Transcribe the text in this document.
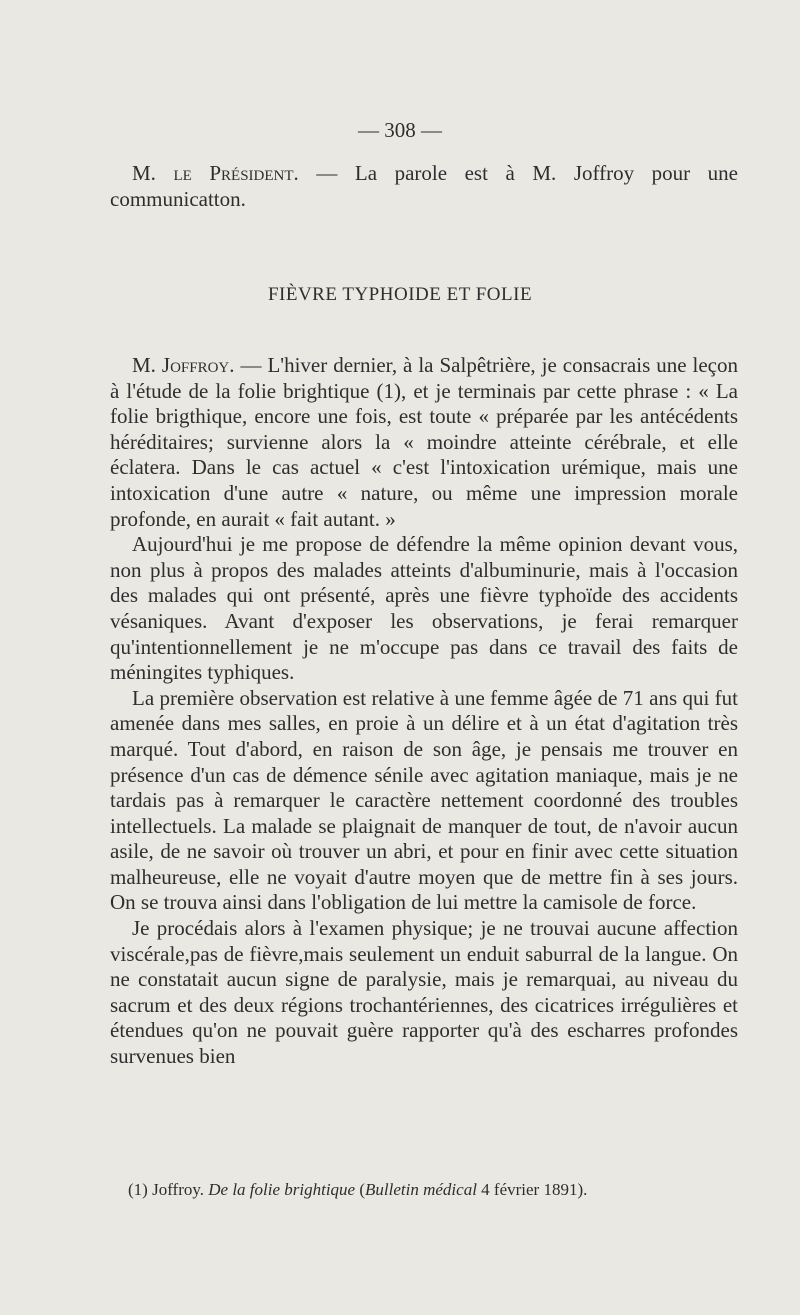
— 308 —

M. le Président. — La parole est à M. Joffroy pour une communicatton.

FIÈVRE TYPHOIDE ET FOLIE

M. Joffroy. — L'hiver dernier, à la Salpêtrière, je consacrais une leçon à l'étude de la folie brightique (1), et je terminais par cette phrase : « La folie brigthique, encore une fois, est toute « préparée par les antécédents héréditaires; survienne alors la « moindre atteinte cérébrale, et elle éclatera. Dans le cas actuel « c'est l'intoxication urémique, mais une intoxication d'une autre « nature, ou même une impression morale profonde, en aurait « fait autant. »

Aujourd'hui je me propose de défendre la même opinion devant vous, non plus à propos des malades atteints d'albuminurie, mais à l'occasion des malades qui ont présenté, après une fièvre typhoïde des accidents vésaniques. Avant d'exposer les observations, je ferai remarquer qu'intentionnellement je ne m'occupe pas dans ce travail des faits de méningites typhiques.

La première observation est relative à une femme âgée de 71 ans qui fut amenée dans mes salles, en proie à un délire et à un état d'agitation très marqué. Tout d'abord, en raison de son âge, je pensais me trouver en présence d'un cas de démence sénile avec agitation maniaque, mais je ne tardais pas à remarquer le caractère nettement coordonné des troubles intellectuels. La malade se plaignait de manquer de tout, de n'avoir aucun asile, de ne savoir où trouver un abri, et pour en finir avec cette situation malheureuse, elle ne voyait d'autre moyen que de mettre fin à ses jours. On se trouva ainsi dans l'obligation de lui mettre la camisole de force.

Je procédais alors à l'examen physique; je ne trouvai aucune affection viscérale,pas de fièvre,mais seulement un enduit saburral de la langue. On ne constatait aucun signe de paralysie, mais je remarquai, au niveau du sacrum et des deux régions trochantériennes, des cicatrices irrégulières et étendues qu'on ne pouvait guère rapporter qu'à des escharres profondes survenues bien

(1) Joffroy. De la folie brightique (Bulletin médical 4 février 1891).
